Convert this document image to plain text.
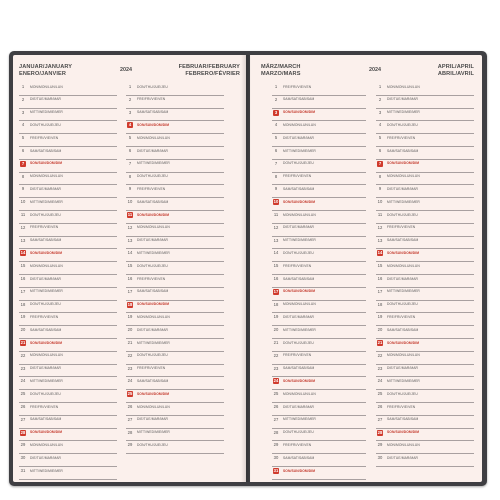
JANUAR/JANUARY
ENERO/JANVIER
2024	FEBRUAR/FEBRUARY
FEBRERO/FÉVRIER
1	MON/MON/LUN/LUN
2	DIE/TUE/MAR/MAR
3	MITT/WED/MIE/MER
4	DON/THU/JUE/JEU
5	FRE/FRI/VIE/VEN
6	SAM/SAT/SAB/SAM
7	SON/SUN/DOM/DIM
8	MON/MON/LUN/LUN
9	DIE/TUE/MAR/MAR
10	MITT/WED/MIE/MER
11	DON/THU/JUE/JEU
12	FRE/FRI/VIE/VEN
13	SAM/SAT/SAB/SAM
14 SON/SUN/DOM/DIM
15	MON/MON/LUN/LUN
16	DIE/TUE/MAR/MAR
17	MITT/WED/MIE/MER
18	DON/THU/JUE/JEU
19	FRE/FRI/VIE/VEN
20	SAM/SAT/SAB/SAM
21 SON/SUN/DOM/DIM
22	MON/MON/LUN/LUN
23	DIE/TUE/MAR/MAR
24	MITT/WED/MIE/MER
25	DON/THU/JUE/JEU
26	FRE/FRI/VIE/VEN
27	SAM/SAT/SAB/SAM
28 SON/SUN/DOM/DIM
29	MON/MON/LUN/LUN
30	DIE/TUE/MAR/MAR
31	MITT/WED/MIE/MER
1	DON/THU/JUE/JEU
2	FRE/FRI/VIE/VEN
3	SAM/SAT/SAB/SAM
4	SON/SUN/DOM/DIM
5	MON/MON/LUN/LUN
6	DIE/TUE/MAR/MAR
7	MITT/WED/MIE/MER
8	DON/THU/JUE/JEU
9	FRE/FRI/VIE/VEN
10	SAM/SAT/SAB/SAM
11 SON/SUN/DOM/DIM
12	MON/MON/LUN/LUN
13	DIE/TUE/MAR/MAR
14	MITT/WED/MIE/MER
15	DON/THU/JUE/JEU
16	FRE/FRI/VIE/VEN
17	SAM/SAT/SAB/SAM
18 SON/SUN/DOM/DIM
19	MON/MON/LUN/LUN
20	DIE/TUE/MAR/MAR
21	MITT/WED/MIE/MER
22	DON/THU/JUE/JEU
23	FRE/FRI/VIE/VEN
24	SAM/SAT/SAB/SAM
25 SON/SUN/DOM/DIM
26	MON/MON/LUN/LUN
27	DIE/TUE/MAR/MAR
28	MITT/WED/MIE/MER
29	DON/THU/JUE/JEU
MÄRZ/MARCH
MARZO/MARS
2024	APRIL/APRIL
ABRIL/AVRIL
1	FRE/FRI/VIE/VEN
2	SAM/SAT/SAB/SAM
3	SON/SUN/DOM/DIM
4	MON/MON/LUN/LUN
5	DIE/TUE/MAR/MAR
6	MITT/WED/MIE/MER
7	DON/THU/JUE/JEU
8	FRE/FRI/VIE/VEN
9	SAM/SAT/SAB/SAM
10 SON/SUN/DOM/DIM
11	MON/MON/LUN/LUN
12	DIE/TUE/MAR/MAR
13	MITT/WED/MIE/MER
14	DON/THU/JUE/JEU
15	FRE/FRI/VIE/VEN
16	SAM/SAT/SAB/SAM
17 SON/SUN/DOM/DIM
18	MON/MON/LUN/LUN
19	DIE/TUE/MAR/MAR
20	MITT/WED/MIE/MER
21	DON/THU/JUE/JEU
22	FRE/FRI/VIE/VEN
23	SAM/SAT/SAB/SAM
24 SON/SUN/DOM/DIM
25	MON/MON/LUN/LUN
26	DIE/TUE/MAR/MAR
27	MITT/WED/MIE/MER
28	DON/THU/JUE/JEU
29	FRE/FRI/VIE/VEN
30	SAM/SAT/SAB/SAM
31 SON/SUN/DOM/DIM
1	MON/MON/LUN/LUN
2	DIE/TUE/MAR/MAR
3	MITT/WED/MIE/MER
4	DON/THU/JUE/JEU
5	FRE/FRI/VIE/VEN
6	SAM/SAT/SAB/SAM
7	SON/SUN/DOM/DIM
8	MON/MON/LUN/LUN
9	DIE/TUE/MAR/MAR
10	MITT/WED/MIE/MER
11	DON/THU/JUE/JEU
12	FRE/FRI/VIE/VEN
13	SAM/SAT/SAB/SAM
14 SON/SUN/DOM/DIM
15	MON/MON/LUN/LUN
16	DIE/TUE/MAR/MAR
17	MITT/WED/MIE/MER
18	DON/THU/JUE/JEU
19	FRE/FRI/VIE/VEN
20	SAM/SAT/SAB/SAM
21 SON/SUN/DOM/DIM
22	MON/MON/LUN/LUN
23	DIE/TUE/MAR/MAR
24	MITT/WED/MIE/MER
25	DON/THU/JUE/JEU
26	FRE/FRI/VIE/VEN
27	SAM/SAT/SAB/SAM
28 SON/SUN/DOM/DIM
29	MON/MON/LUN/LUN
30	DIE/TUE/MAR/MAR
